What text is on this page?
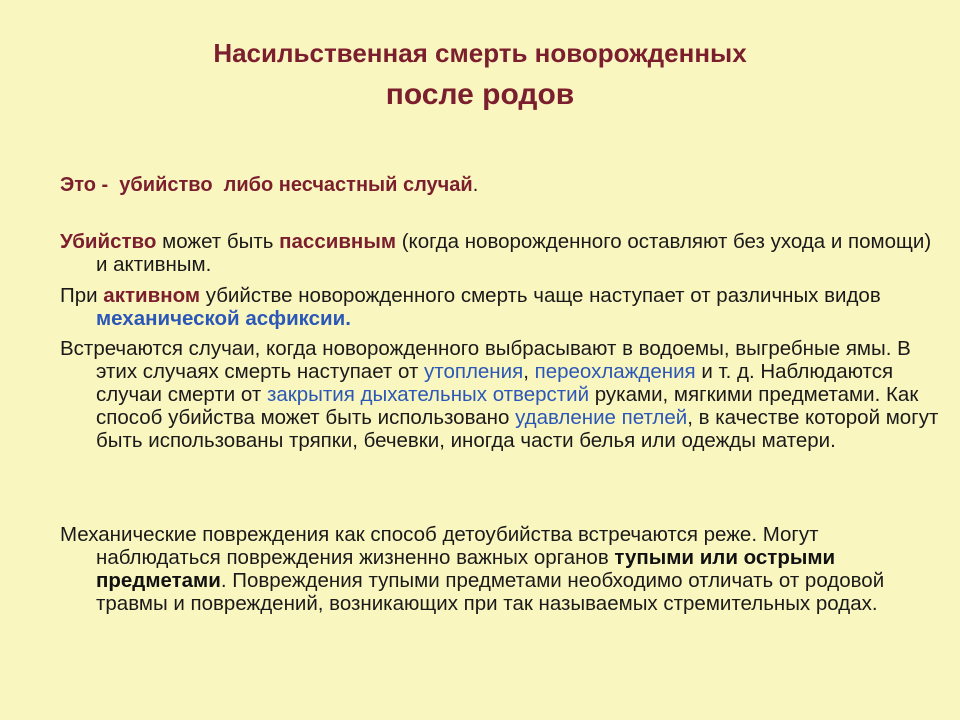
Насильственная смерть новорожденных
после родов
Это -  убийство  либо несчастный случай.
Убийство может быть пассивным (когда новорожденного оставляют без ухода и помощи) и активным.
При активном убийстве новорожденного смерть чаще наступает от различных видов механической асфиксии.
Встречаются случаи, когда новорожденного выбрасывают в водоемы, выгребные ямы. В этих случаях смерть наступает от утопления, переохлаждения и т. д. Наблюдаются случаи смерти от закрытия дыхательных отверстий руками, мягкими предметами. Как способ убийства может быть использовано удавление петлей, в качестве которой могут быть использованы тряпки, бечевки, иногда части белья или одежды матери.
Механические повреждения как способ детоубийства встречаются реже. Могут наблюдаться повреждения жизненно важных органов тупыми или острыми предметами. Повреждения тупыми предметами необходимо отличать от родовой травмы и повреждений, возникающих при так называемых стремительных родах.
